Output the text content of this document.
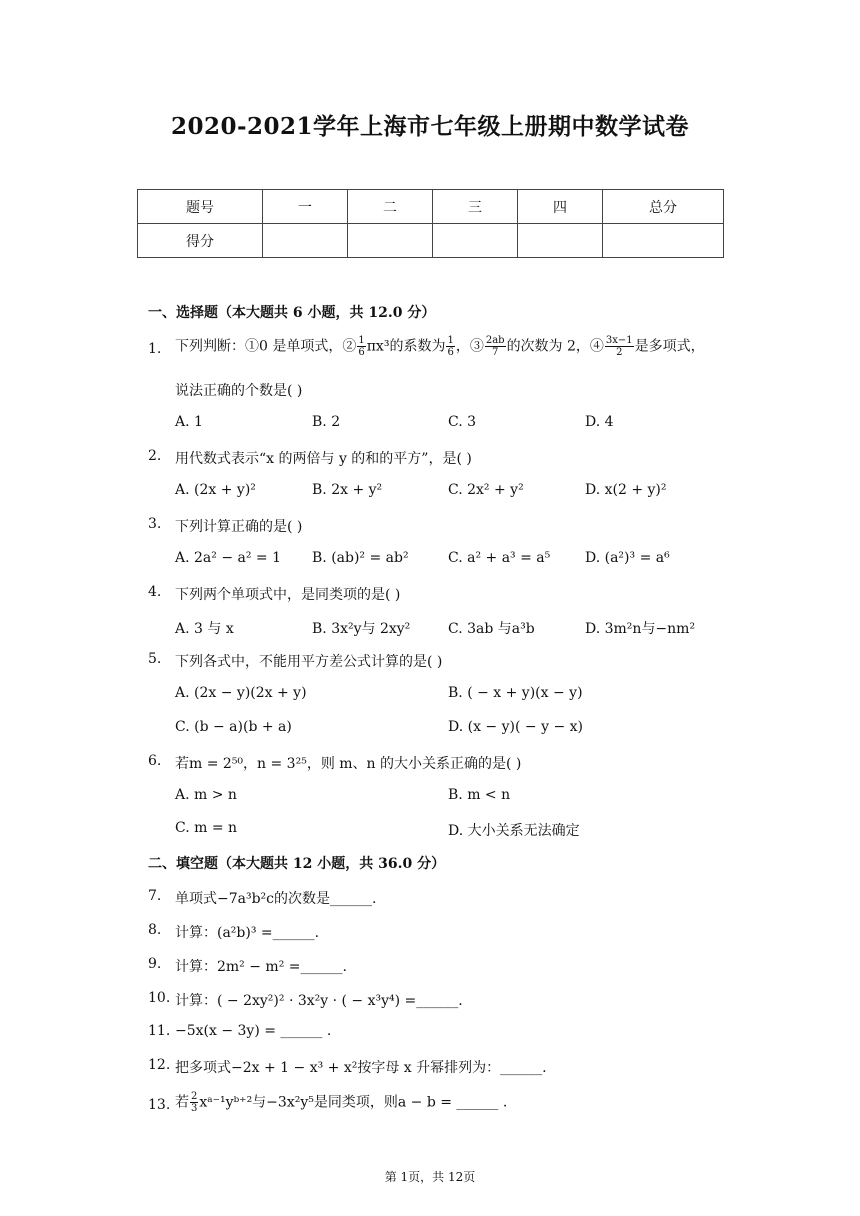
2020-2021学年上海市七年级上册期中数学试卷
题号	一	二	三	四	总分
得分					
一、选择题（本大题共 6 小题，共 12.0 分）
1. 下列判断：①0 是单项式，② $\frac{1}{6} \pi x^3$的系数为 $\frac{1}{6}$ ，③ $\frac{2ab}{7}$ 的次数为 2，④ $\frac{3x-1}{2}$ 是多项式，
说法正确的个数是( )
A. 1	B. 2	C. 3	D. 4
2. 用代数式表示“x 的两倍与 y 的和的平方”，是( )
A. (2x + y)²	B. 2x + y²	C. 2x² + y²	D. x(2 + y)²
3. 下列计算正确的是( )
A. 2a² − a² = 1 B. (ab)² = ab²	C. a² + a³ = a⁵ D. (a²)³ = a⁶
4. 下列两个单项式中，是同类项的是( )
A. 3 与 x	B. 3x²y与 2xy²	C. 3ab 与a³b	D. 3m²n与−nm²
5. 下列各式中，不能用平方差公式计算的是( )
A. (2x − y)(2x + y)	B. ( − x + y)(x − y)
C. (b − a)(b + a)	D. (x − y)( − y − x)
6. 若m = 2⁵⁰，n = 3²⁵，则 m、n 的大小关系正确的是( )
A. m > n	B. m < n
C. m = n	D. 大小关系无法确定
二、填空题（本大题共 12 小题，共 36.0 分）
7. 单项式−7a³b²c的次数是______.
8. 计算：(a²b)³ =______.
9. 计算：2m² − m² =______.
10. 计算：( − 2xy²)² · 3x²y · ( − x³y⁴) =______.
11. −5x(x − 3y) = ______ .
12. 把多项式−2x + 1 − x³ + x²按字母 x 升幂排列为：______.
13. 若 $\frac{2}{3}$ xᵃ⁻¹yᵇ⁺²与−3x²y⁵是同类项，则a − b = ______ .
第 1页，共 12页
